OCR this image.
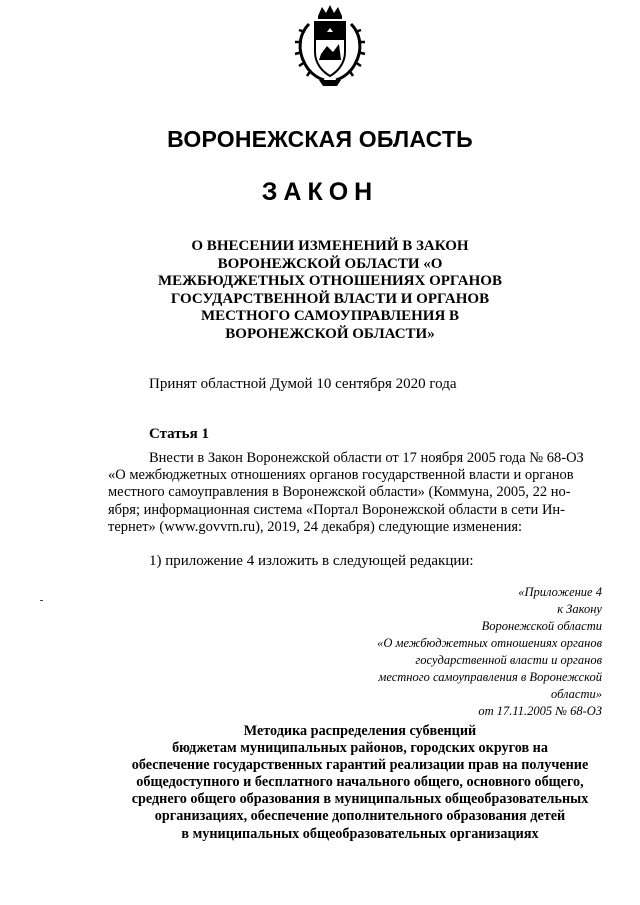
ВОРОНЕЖСКАЯ ОБЛАСТЬ
ЗАКОН
О ВНЕСЕНИИ ИЗМЕНЕНИЙ В ЗАКОН
ВОРОНЕЖСКОЙ ОБЛАСТИ «О
МЕЖБЮДЖЕТНЫХ ОТНОШЕНИЯХ ОРГАНОВ
ГОСУДАРСТВЕННОЙ ВЛАСТИ И ОРГАНОВ
МЕСТНОГО САМОУПРАВЛЕНИЯ В
ВОРОНЕЖСКОЙ ОБЛАСТИ»
Принят областной Думой 10 сентября 2020 года
Статья 1
Внести в Закон Воронежской области от 17 ноября 2005 года № 68-ОЗ
«О межбюджетных отношениях органов государственной власти и органов
местного самоуправления в Воронежской области» (Коммуна, 2005, 22 но-
ября; информационная система «Портал Воронежской области в сети Ин-
тернет» (www.govvrn.ru), 2019, 24 декабря) следующие изменения:
1) приложение 4 изложить в следующей редакции:
«Приложение 4
к Закону
Воронежской области
«О межбюджетных отношениях органов
государственной власти и органов
местного самоуправления в Воронежской
области»
от 17.11.2005 № 68-ОЗ
Методика распределения субвенций
бюджетам муниципальных районов, городских округов на
обеспечение государственных гарантий реализации прав на получение
общедоступного и бесплатного начального общего, основного общего,
среднего общего образования в муниципальных общеобразовательных
организациях, обеспечение дополнительного образования детей
в муниципальных общеобразовательных организациях
